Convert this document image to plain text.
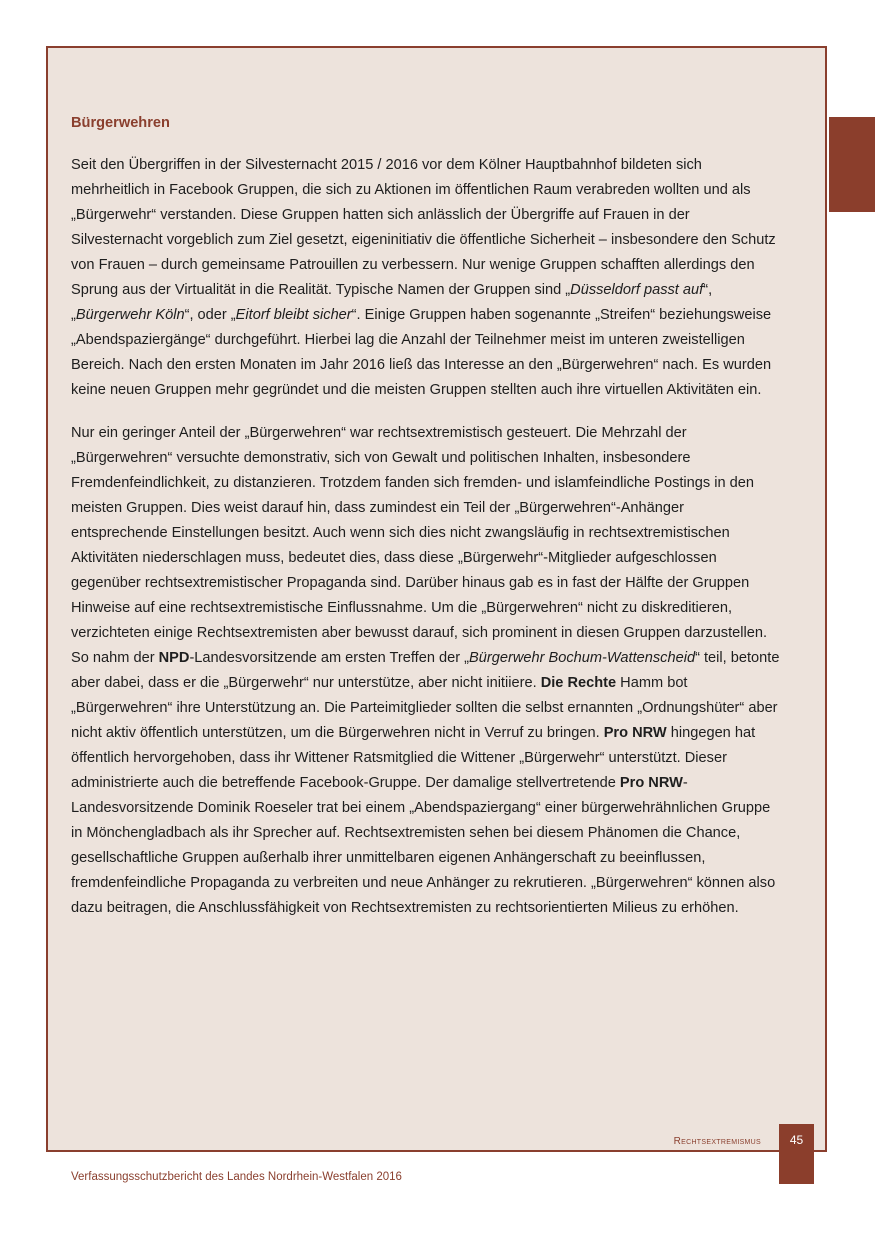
Bürgerwehren

Seit den Übergriffen in der Silvesternacht 2015 / 2016 vor dem Kölner Hauptbahnhof bildeten sich mehrheitlich in Facebook Gruppen, die sich zu Aktionen im öffentlichen Raum verabreden wollten und als „Bürgerwehr“ verstanden. Diese Gruppen hatten sich anlässlich der Übergriffe auf Frauen in der Silvesternacht vorgeblich zum Ziel gesetzt, eigeninitiativ die öffentliche Sicherheit – insbesondere den Schutz von Frauen – durch gemeinsame Patrouillen zu verbessern. Nur wenige Gruppen schafften allerdings den Sprung aus der Virtualität in die Realität. Typische Namen der Gruppen sind „Düsseldorf passt auf“, „Bürgerwehr Köln“, oder „Eitorf bleibt sicher“. Einige Gruppen haben sogenannte „Streifen“ beziehungsweise „Abendspaziergänge“ durchgeführt. Hierbei lag die Anzahl der Teilnehmer meist im unteren zweistelligen Bereich. Nach den ersten Monaten im Jahr 2016 ließ das Interesse an den „Bürgerwehren“ nach. Es wurden keine neuen Gruppen mehr gegründet und die meisten Gruppen stellten auch ihre virtuellen Aktivitäten ein.

Nur ein geringer Anteil der „Bürgerwehren“ war rechtsextremistisch gesteuert. Die Mehrzahl der „Bürgerwehren“ versuchte demonstrativ, sich von Gewalt und politischen Inhalten, insbesondere Fremdenfeindlichkeit, zu distanzieren. Trotzdem fanden sich fremden- und islamfeindliche Postings in den meisten Gruppen. Dies weist darauf hin, dass zumindest ein Teil der „Bürgerwehren“-Anhänger entsprechende Einstellungen besitzt. Auch wenn sich dies nicht zwangsläufig in rechtsextremistischen Aktivitäten niederschlagen muss, bedeutet dies, dass diese „Bürgerwehr“-Mitglieder aufgeschlossen gegenüber rechtsextremistischer Propaganda sind. Darüber hinaus gab es in fast der Hälfte der Gruppen Hinweise auf eine rechtsextremistische Einflussnahme. Um die „Bürgerwehren“ nicht zu diskreditieren, verzichteten einige Rechtsextremisten aber bewusst darauf, sich prominent in diesen Gruppen darzustellen. So nahm der NPD-Landesvorsitzende am ersten Treffen der „Bürgerwehr Bochum-Wattenscheid“ teil, betonte aber dabei, dass er die „Bürgerwehr“ nur unterstütze, aber nicht initiiere. Die Rechte Hamm bot „Bürgerwehren“ ihre Unterstützung an. Die Parteimitglieder sollten die selbst ernannten „Ordnungshüter“ aber nicht aktiv öffentlich unterstützen, um die Bürgerwehren nicht in Verruf zu bringen. Pro NRW hingegen hat öffentlich hervorgehoben, dass ihr Wittener Ratsmitglied die Wittener „Bürgerwehr“ unterstützt. Dieser administrierte auch die betreffende Facebook-Gruppe. Der damalige stellvertretende Pro NRW-Landesvorsitzende Dominik Roeseler trat bei einem „Abendspaziergang“ einer bürgerwehrähnlichen Gruppe in Mönchengladbach als ihr Sprecher auf. Rechtsextremisten sehen bei diesem Phänomen die Chance, gesellschaftliche Gruppen außerhalb ihrer unmittelbaren eigenen Anhängerschaft zu beeinflussen, fremdenfeindliche Propaganda zu verbreiten und neue Anhänger zu rekrutieren. „Bürgerwehren“ können also dazu beitragen, die Anschlussfähigkeit von Rechtsextremisten zu rechtsorientierten Milieus zu erhöhen.

Rechtsextremismus	45
Verfassungsschutzbericht des Landes Nordrhein-Westfalen 2016
